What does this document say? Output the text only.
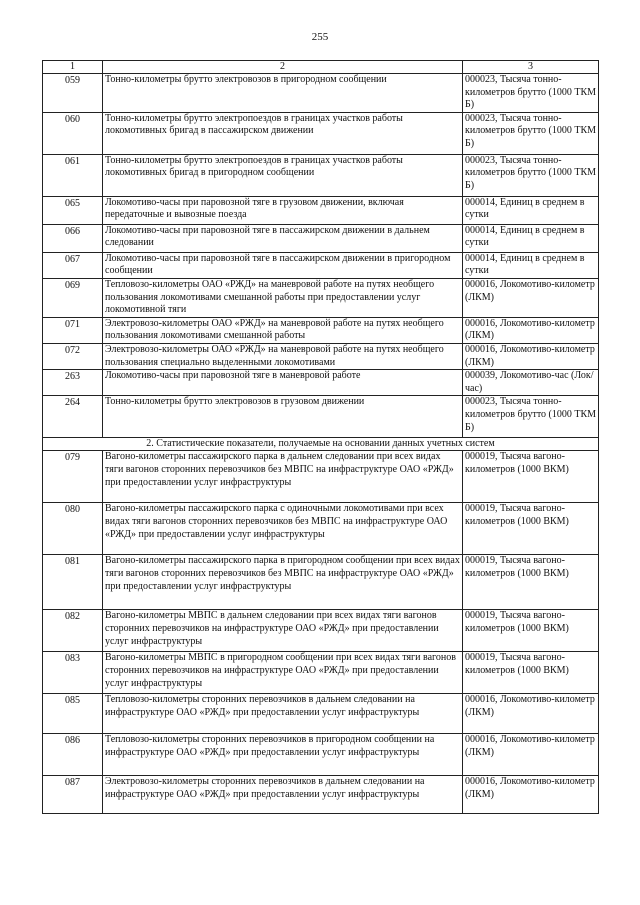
255
1	2	3
059	Тонно-километры брутто электровозов в пригородном сообщении	000023, Тысяча тонно-километров брутто (1000 ТКМ Б)
060	Тонно-километры брутто электропоездов в границах участков работы локомотивных бригад в пассажирском движении	000023, Тысяча тонно-километров брутто (1000 ТКМ Б)
061	Тонно-километры брутто электропоездов в границах участков работы локомотивных бригад в пригородном сообщении	000023, Тысяча тонно-километров брутто (1000 ТКМ Б)
065	Локомотиво-часы при паровозной тяге в грузовом движении, включая передаточные и вывозные поезда	000014, Единиц в среднем в сутки
066	Локомотиво-часы при паровозной тяге в пассажирском движении в дальнем следовании	000014, Единиц в среднем в сутки
067	Локомотиво-часы при паровозной тяге в пассажирском движении в пригородном сообщении	000014, Единиц в среднем в сутки
069	Тепловозо-километры ОАО «РЖД» на маневровой работе на путях необщего пользования локомотивами смешанной работы при предоставлении услуг локомотивной тяги	000016, Локомотиво-километр (ЛКМ)
071	Электровозо-километры ОАО «РЖД» на маневровой работе на путях необщего пользования локомотивами смешанной работы	000016, Локомотиво-километр (ЛКМ)
072	Электровозо-километры ОАО «РЖД» на маневровой работе на путях необщего пользования специально выделенными локомотивами	000016, Локомотиво-километр (ЛКМ)
263	Локомотиво-часы при паровозной тяге в маневровой работе	000039, Локомотиво-час (Лок/час)
264	Тонно-километры брутто электровозов в грузовом движении	000023, Тысяча тонно-километров брутто (1000 ТКМ Б)
2. Статистические показатели, получаемые на основании данных учетных систем		
079	Вагоно-километры пассажирского парка в дальнем следовании при всех видах тяги вагонов сторонних перевозчиков без МВПС на инфраструктуре ОАО «РЖД» при предоставлении услуг инфраструктуры	000019, Тысяча вагоно-километров (1000 ВКМ)
080	Вагоно-километры пассажирского парка с одиночными локомотивами при всех видах тяги вагонов сторонних перевозчиков без МВПС на инфраструктуре ОАО «РЖД» при предоставлении услуг инфраструктуры	000019, Тысяча вагоно-километров (1000 ВКМ)
081	Вагоно-километры пассажирского парка в пригородном сообщении при всех видах тяги вагонов сторонних перевозчиков без МВПС на инфраструктуре ОАО «РЖД» при предоставлении услуг инфраструктуры	000019, Тысяча вагоно-километров (1000 ВКМ)
082	Вагоно-километры МВПС в дальнем следовании при всех видах тяги вагонов сторонних перевозчиков на инфраструктуре ОАО «РЖД» при предоставлении услуг инфраструктуры	000019, Тысяча вагоно-километров (1000 ВКМ)
083	Вагоно-километры МВПС в пригородном сообщении при всех видах тяги вагонов сторонних перевозчиков на инфраструктуре ОАО «РЖД» при предоставлении услуг инфраструктуры	000019, Тысяча вагоно-километров (1000 ВКМ)
085	Тепловозо-километры сторонних перевозчиков в дальнем следовании на инфраструктуре ОАО «РЖД» при предоставлении услуг инфраструктуры	000016, Локомотиво-километр (ЛКМ)
086	Тепловозо-километры сторонних перевозчиков в пригородном сообщении на инфраструктуре ОАО «РЖД» при предоставлении услуг инфраструктуры	000016, Локомотиво-километр (ЛКМ)
087	Электровозо-километры сторонних перевозчиков в дальнем следовании на инфраструктуре ОАО «РЖД» при предоставлении услуг инфраструктуры	000016, Локомотиво-километр (ЛКМ)
